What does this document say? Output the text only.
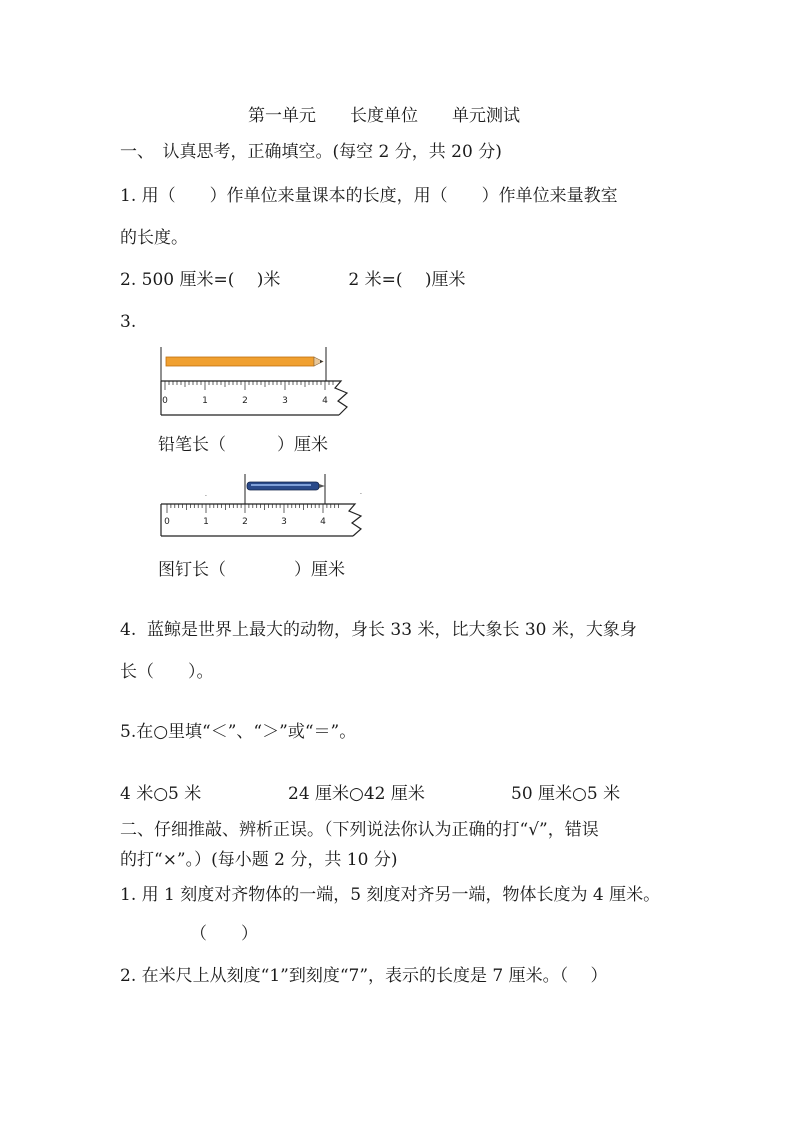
第一单元　　长度单位　　单元测试
一、　认真思考，正确填空。(每空 2 分，共 20 分)
1. 用（　　）作单位来量课本的长度，用（　　）作单位来量教室
的长度。
2. 500 厘米=(　 )米　　　　2 米=(　 )厘米
3.
0	1	2	3	4
铅笔长（　　　）厘米
.	.
0	1	2	3	4
图钉长（　　　　）厘米
4.  蓝鲸是世界上最大的动物，身长 33 米，比大象长 30 米，大象身
长（　　）。
5.在○里填“＜”、“＞”或“＝”。
4 米○5 米	24 厘米○42 厘米	50 厘米○5 米
二、仔细推敲、辨析正误。（下列说法你认为正确的打“√”，错误
的打“×”。）(每小题 2 分，共 10 分)
1. 用 1 刻度对齐物体的一端，5 刻度对齐另一端，物体长度为 4 厘米。
（　　）
2. 在米尺上从刻度“1”到刻度“7”，表示的长度是 7 厘米。（　 ）
